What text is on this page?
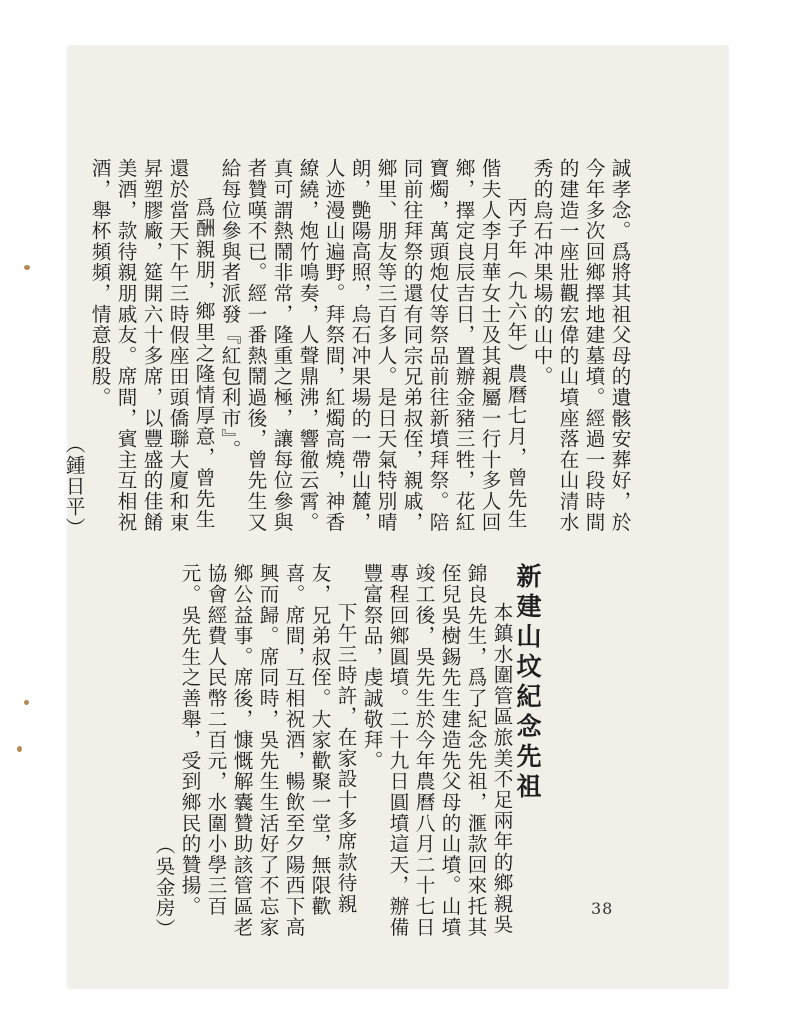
誠孝念。爲將其祖父母的遺骸安葬好，於今年多次回鄉擇地建墓墳。經過一段時間的建造一座壯觀宏偉的山墳座落在山清水秀的烏石冲果場的山中。

丙子年（九六年）農曆七月，曾先生偕夫人李月華女士及其親屬一行十多人回鄉，擇定良辰吉日，置辦金豬三牲，花紅寶燭，萬頭炮仗等祭品前往新墳拜祭。陪同前往拜祭的還有同宗兄弟叔侄，親戚，鄉里、朋友等三百多人。是日天氣特別晴朗，艷陽高照，烏石冲果場的一帶山麓，人迹漫山遍野。拜祭間，紅燭高燒，神香繚繞，炮竹鳴奏，人聲鼎沸，響徹云霄。真可謂熱鬧非常，隆重之極，讓每位參與者贊嘆不已。經一番熱鬧過後，曾先生又給每位參與者派發『紅包利市』。

爲酬親朋，鄉里之隆情厚意，曾先生還於當天下午三時假座田頭僑聯大廈和東昇塑膠廠，筵開六十多席，以豐盛的佳餚美酒，款待親朋戚友。席間，賓主互相祝酒，舉杯頻頻，情意殷殷。

（鍾日平）

新建山坟紀念先祖

本鎮水圍管區旅美不足兩年的鄉親吳錦良先生，爲了紀念先祖，滙款回來托其侄兒吳樹錫先生建造先父母的山墳。山墳竣工後，吳先生於今年農曆八月二十七日專程回鄉圓墳。二十九日圓墳這天，辦備豐富祭品，虔誠敬拜。

下午三時許，在家設十多席款待親友，兄弟叔侄。大家歡聚一堂，無限歡喜。席間，互相祝酒，暢飲至夕陽西下高興而歸。席同時，吳先生生活好了不忘家鄉公益事。席後，慷慨解囊贊助該管區老協會經費人民幣二百元，水圍小學三百元。吳先生之善舉，受到鄉民的贊揚。

（吳金房）	38
